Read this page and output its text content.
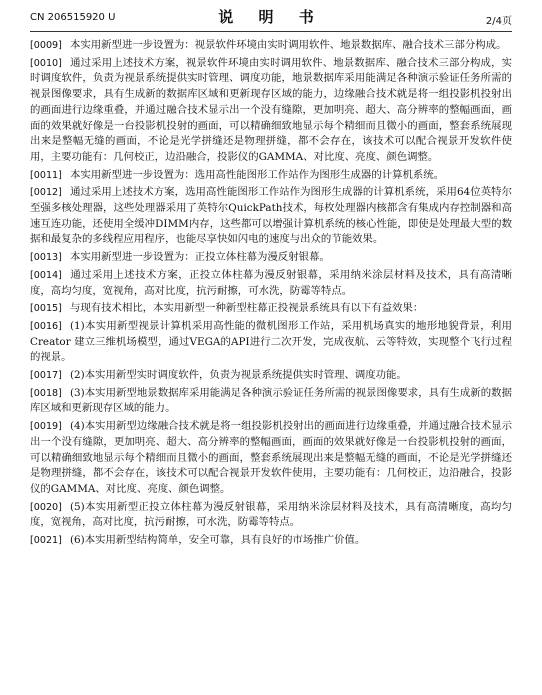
CN 206515920 U	说 明 书	2/4页

[0009] 本实用新型进一步设置为：视景软件环境由实时调用软件、地景数据库、融合技术三部分构成。

[0010] 通过采用上述技术方案，视景软件环境由实时调用软件、地景数据库、融合技术三部分构成，实时调度软件，负责为视景系统提供实时管理、调度功能，地景数据库采用能满足各种演示验证任务所需的视景图像要求，具有生成新的数据库区域和更新现存区域的能力，边缘融合技术就是将一组投影机投射出的画面进行边缘重叠，并通过融合技术显示出一个没有缝隙，更加明亮、超大、高分辨率的整幅画面，画面的效果就好像是一台投影机投射的画面，可以精确细致地显示每个精细而且微小的画面，整套系统展现出来是整幅无缝的画面，不论是光学拼缝还是物理拼缝，都不会存在，该技术可以配合视景开发软件使用，主要功能有：几何校正，边沿融合，投影仪的GAMMA、对比度、亮度、颜色调整。

[0011] 本实用新型进一步设置为：选用高性能图形工作站作为图形生成器的计算机系统。

[0012] 通过采用上述技术方案，选用高性能图形工作站作为图形生成器的计算机系统，采用64位英特尔至强多核处理器，这些处理器采用了英特尔QuickPath技术，每枚处理器内核都含有集成内存控制器和高速互连功能，还使用全缓冲DIMM内存，这些都可以增强计算机系统的核心性能，即使是处理最大型的数据和最复杂的多线程应用程序，也能尽享快如闪电的速度与出众的节能效果。

[0013] 本实用新型进一步设置为：正投立体柱幕为漫反射银幕。

[0014] 通过采用上述技术方案，正投立体柱幕为漫反射银幕，采用纳米涂层材料及技术，具有高清晰度，高均匀度，宽视角，高对比度，抗污耐擦，可水洗，防霉等特点。

[0015] 与现有技术相比，本实用新型一种新型柱幕正投视景系统具有以下有益效果：

[0016] (1)本实用新型视景计算机采用高性能的微机图形工作站，采用机场真实的地形地貌背景，利用Creator 建立三维机场模型，通过VEGA的API进行二次开发，完成夜航、云等特效，实现整个飞行过程的视景。

[0017] (2)本实用新型实时调度软件，负责为视景系统提供实时管理、调度功能。

[0018] (3)本实用新型地景数据库采用能满足各种演示验证任务所需的视景图像要求，具有生成新的数据库区域和更新现存区域的能力。

[0019] (4)本实用新型边缘融合技术就是将一组投影机投射出的画面进行边缘重叠，并通过融合技术显示出一个没有缝隙，更加明亮、超大、高分辨率的整幅画面，画面的效果就好像是一台投影机投射的画面，可以精确细致地显示每个精细而且微小的画面，整套系统展现出来是整幅无缝的画面，不论是光学拼缝还是物理拼缝，都不会存在，该技术可以配合视景开发软件使用，主要功能有：几何校正，边沿融合，投影仪的GAMMA、对比度、亮度、颜色调整。

[0020] (5)本实用新型正投立体柱幕为漫反射银幕，采用纳米涂层材料及技术，具有高清晰度，高均匀度，宽视角，高对比度，抗污耐擦，可水洗，防霉等特点。

[0021] (6)本实用新型结构简单，安全可靠，具有良好的市场推广价值。
